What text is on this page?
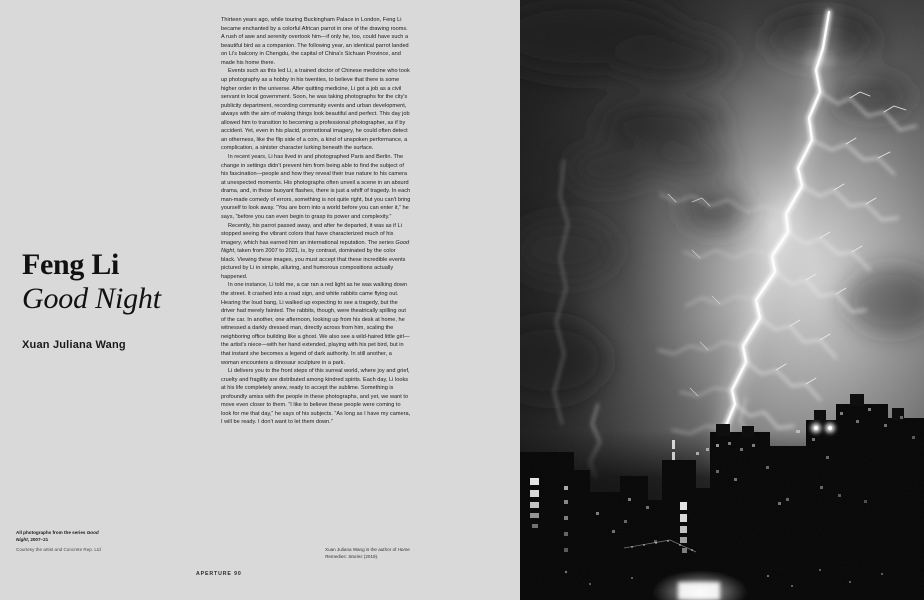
Feng Li
Good Night
Xuan Juliana Wang
All photographs from the series Good Night, 2007–21
Courtesy the artist and Concrete Rep. Ltd
APERTURE 90

Thirteen years ago, while touring Buckingham Palace in London, Feng Li became enchanted by a colorful African parrot in one of the drawing rooms. A rush of awe and serenity overtook him—if only he, too, could have such a beautiful bird as a companion. The following year, an identical parrot landed on Li's balcony in Chengdu, the capital of China's Sichuan Province, and made his home there.

Events such as this led Li, a trained doctor of Chinese medicine who took up photography as a hobby in his twenties, to believe that there is some higher order in the universe. After quitting medicine, Li got a job as a civil servant in local government. Soon, he was taking photographs for the city's publicity department, recording community events and urban development, always with the aim of making things look beautiful and perfect. This day job allowed him to transition to becoming a professional photographer, as if by accident. Yet, even in his placid, promotional imagery, he could often detect an otherness, like the flip side of a coin, a kind of unspoken performance, a complication, a sinister character lurking beneath the surface.

In recent years, Li has lived in and photographed Paris and Berlin. The change in settings didn't prevent him from being able to find the subject of his fascination—people and how they reveal their true nature to his camera at unexpected moments. His photographs often unveil a scene in an absurd drama, and, in those buoyant flashes, there is just a whiff of tragedy. In each man-made comedy of errors, something is not quite right, but you can't bring yourself to look away. “You are born into a world before you can enter it,” he says, “before you can even begin to grasp its power and complexity.”

Recently, his parrot passed away, and after he departed, it was as if Li stopped seeing the vibrant colors that have characterized much of his imagery, which has earned him an international reputation. The series Good Night, taken from 2007 to 2021, is, by contrast, dominated by the color black. Viewing these images, you must accept that these incredible events pictured by Li in simple, alluring, and humorous compositions actually happened.

In one instance, Li told me, a car ran a red light as he was walking down the street. It crashed into a road sign, and white rabbits came flying out. Hearing the loud bang, Li walked up expecting to see a tragedy, but the driver had merely fainted. The rabbits, though, were theatrically spilling out of the car. In another, one afternoon, looking up from his desk at home, he witnessed a darkly dressed man, directly across from him, scaling the neighboring office building like a ghost. We also see a wild-haired little girl—the artist's niece—with her hand extended, playing with his pet bird, but in that instant she becomes a legend of dark authority. In still another, a woman encounters a dinosaur sculpture in a park.

Li delivers you to the front steps of this surreal world, where joy and grief, cruelty and fragility are distributed among kindred spirits. Each day, Li looks at his life completely anew, ready to accept the sublime. Something is profoundly amiss with the people in these photographs, and yet, we want to move even closer to them. “I like to believe these people were coming to look for me that day,” he says of his subjects. “As long as I have my camera, I will be ready. I don't want to let them down.”

Xuan Juliana Wang is the author of Home Remedies: Stories (2019).
